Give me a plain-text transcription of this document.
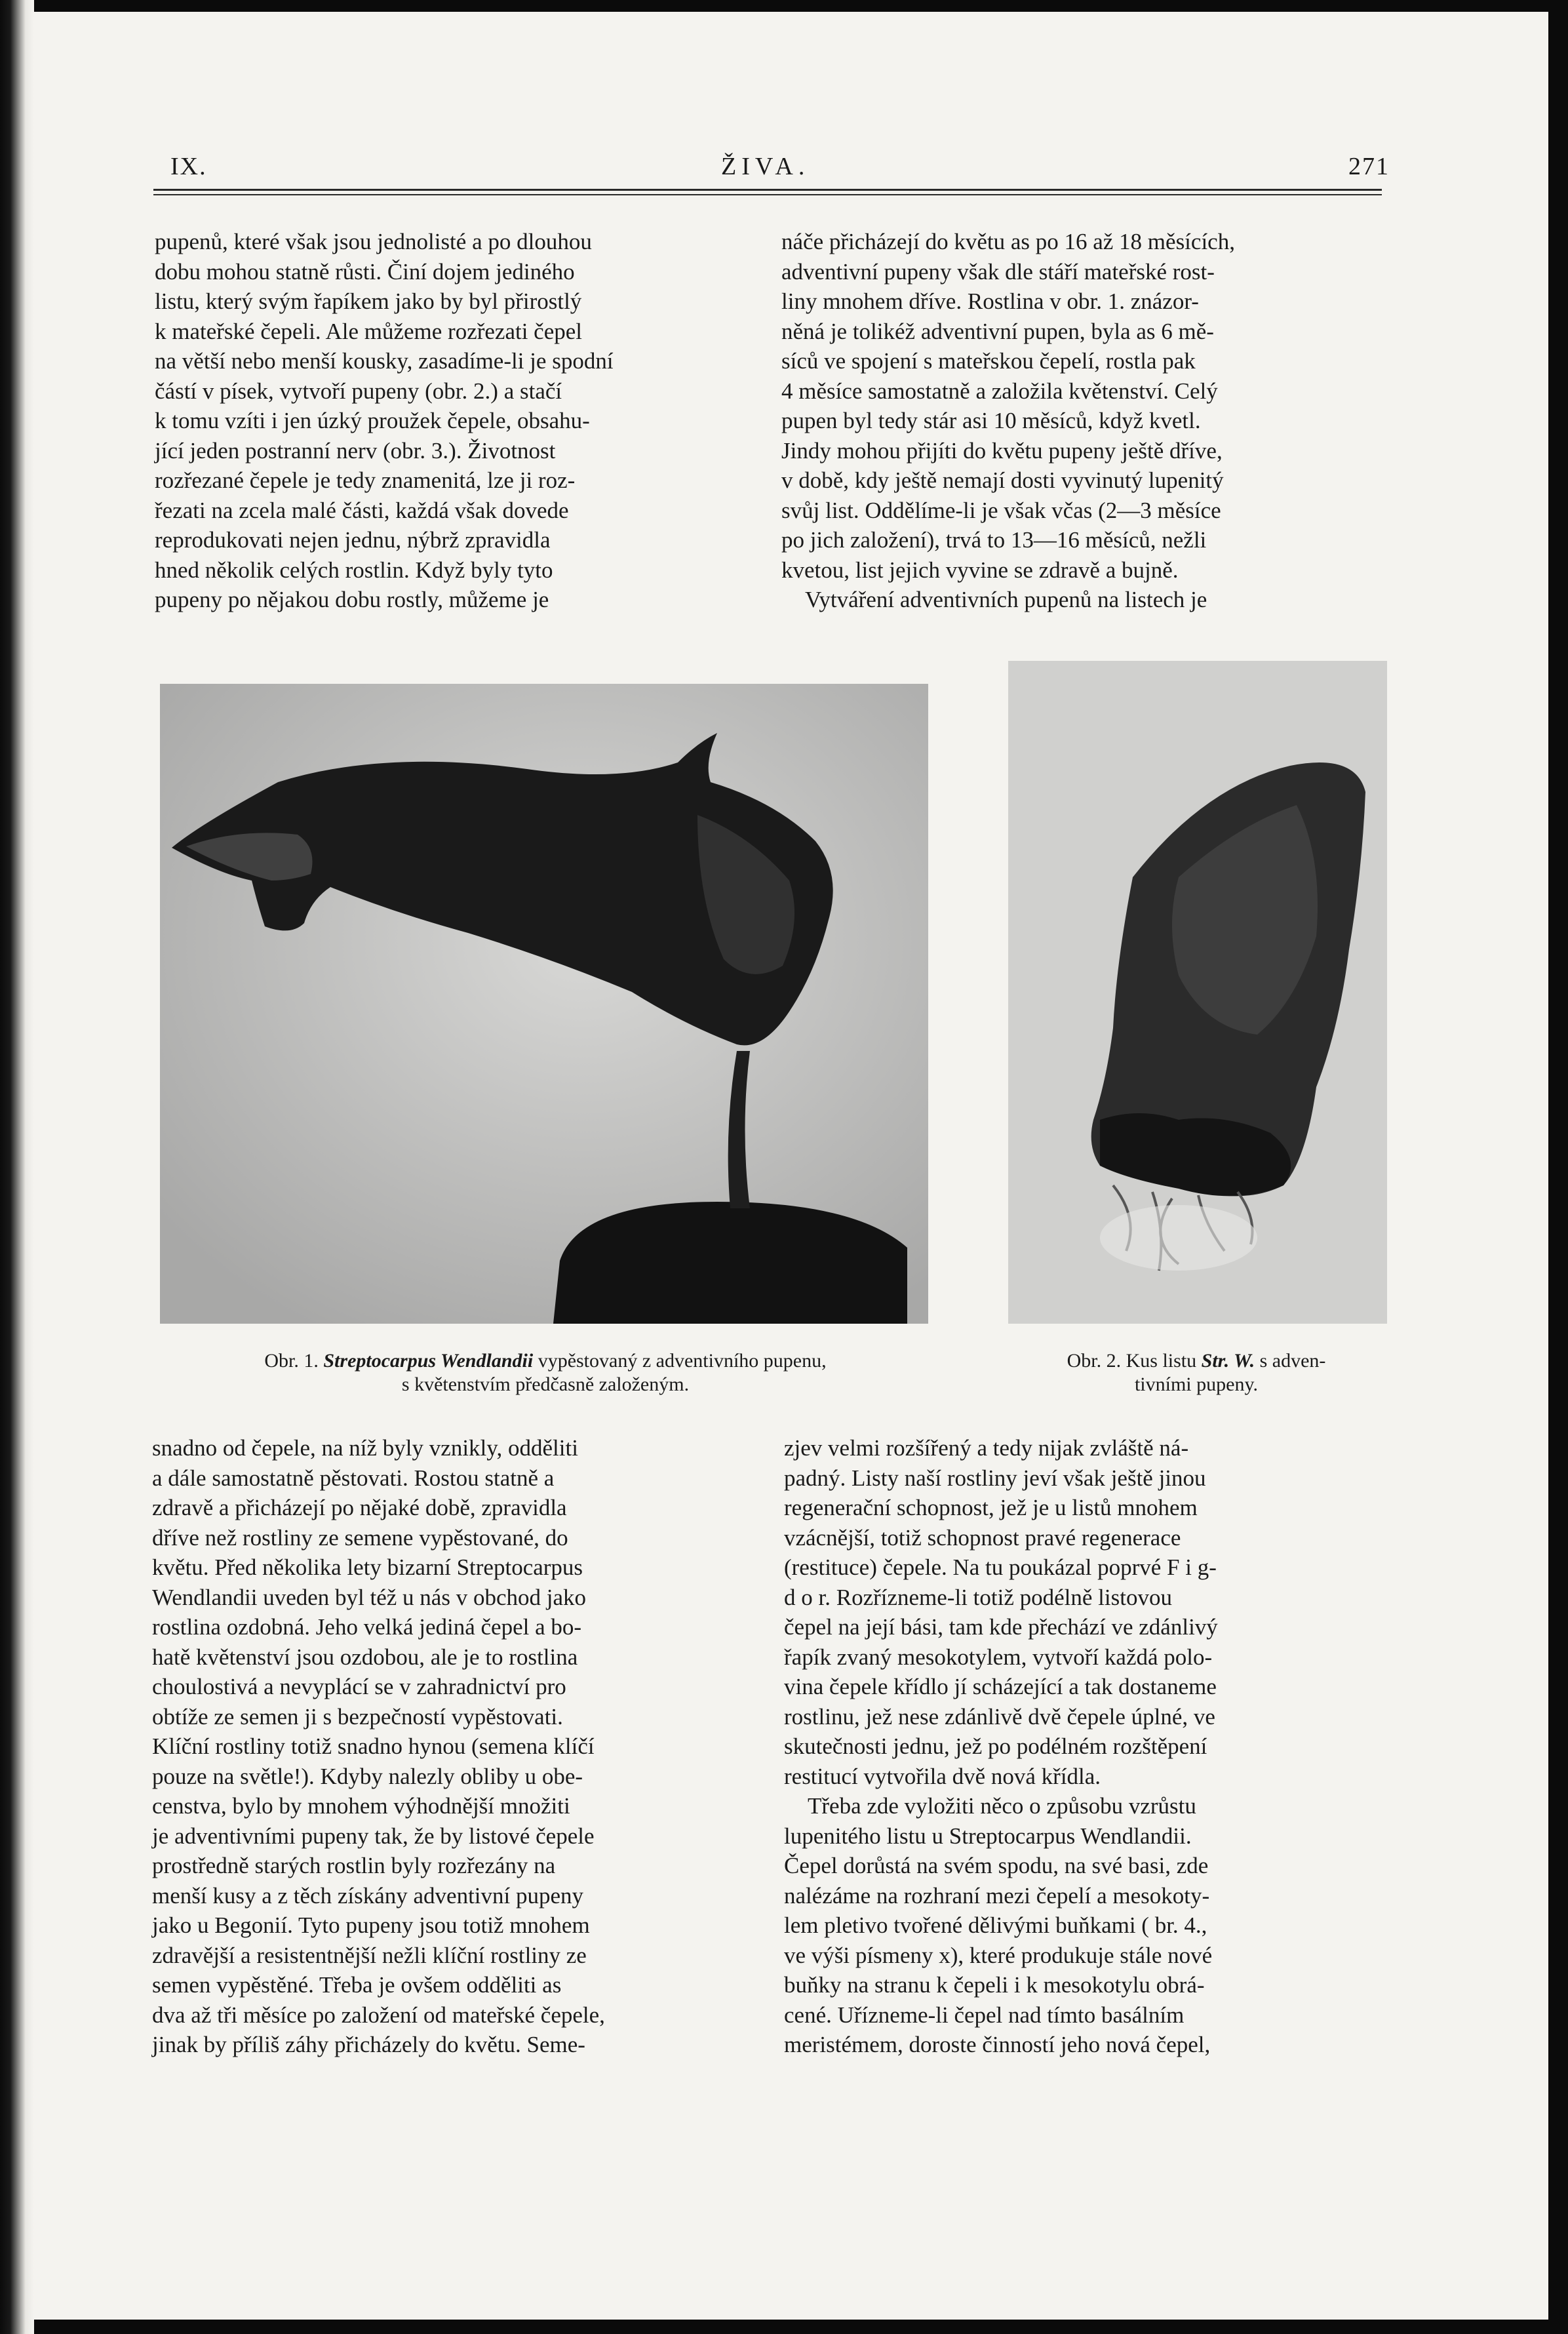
IX.	ŽIVA.	271

pupenů, které však jsou jednolisté a po dlouhou

dobu mohou statně růsti. Činí dojem jediného

listu, který svým řapíkem jako by byl přirostlý

k mateřské čepeli. Ale můžeme rozřezati čepel

na větší nebo menší kousky, zasadíme-li je spodní

částí v písek, vytvoří pupeny (obr. 2.) a stačí

k tomu vzíti i jen úzký proužek čepele, obsahu-

jící jeden postranní nerv (obr. 3.). Životnost

rozřezané čepele je tedy znamenitá, lze ji roz-

řezati na zcela malé části, každá však dovede

reprodukovati nejen jednu, nýbrž zpravidla

hned několik celých rostlin. Když byly tyto

pupeny po nějakou dobu rostly, můžeme je

náče přicházejí do květu as po 16 až 18 měsících,

adventivní pupeny však dle stáří mateřské rost-

liny mnohem dříve. Rostlina v obr. 1. znázor-

něná je tolikéž adventivní pupen, byla as 6 mě-

síců ve spojení s mateřskou čepelí, rostla pak

4 měsíce samostatně a založila květenství. Celý

pupen byl tedy stár asi 10 měsíců, když kvetl.

Jindy mohou přijíti do květu pupeny ještě dříve,

v době, kdy ještě nemají dosti vyvinutý lupenitý

svůj list. Oddělíme-li je však včas (2—3 měsíce

po jich založení), trvá to 13—16 měsíců, nežli

kvetou, list jejich vyvine se zdravě a bujně.

Vytváření adventivních pupenů na listech je

Obr. 1. Streptocarpus Wendlandii vypěstovaný z adventivního pupenu,
s květenstvím předčasně založeným.
Obr. 2. Kus listu Str. W. s adven-
tivními pupeny.

snadno od čepele, na níž byly vznikly, odděliti

a dále samostatně pěstovati. Rostou statně a

zdravě a přicházejí po nějaké době, zpravidla

dříve než rostliny ze semene vypěstované, do

květu. Před několika lety bizarní Streptocarpus

Wendlandii uveden byl též u nás v obchod jako

rostlina ozdobná. Jeho velká jediná čepel a bo-

hatě květenství jsou ozdobou, ale je to rostlina

choulostivá a nevyplácí se v zahradnictví pro

obtíže ze semen ji s bezpečností vypěstovati.

Klíční rostliny totiž snadno hynou (semena klíčí

pouze na světle!). Kdyby nalezly obliby u obe-

censtva, bylo by mnohem výhodnější množiti

je adventivními pupeny tak, že by listové čepele

prostředně starých rostlin byly rozřezány na

menší kusy a z těch získány adventivní pupeny

jako u Begonií. Tyto pupeny jsou totiž mnohem

zdravější a resistentnější nežli klíční rostliny ze

semen vypěstěné. Třeba je ovšem odděliti as

dva až tři měsíce po založení od mateřské čepele,

jinak by příliš záhy přicházely do květu. Seme-

zjev velmi rozšířený a tedy nijak zvláště ná-

padný. Listy naší rostliny jeví však ještě jinou

regenerační schopnost, jež je u listů mnohem

vzácnější, totiž schopnost pravé regenerace

(restituce) čepele. Na tu poukázal poprvé F i g-

d o r. Rozřízneme-li totiž podélně listovou

čepel na její bási, tam kde přechází ve zdánlivý

řapík zvaný mesokotylem, vytvoří každá polo-

vina čepele křídlo jí scházející a tak dostaneme

rostlinu, jež nese zdánlivě dvě čepele úplné, ve

skutečnosti jednu, jež po podélném rozštěpení

restitucí vytvořila dvě nová křídla.

Třeba zde vyložiti něco o způsobu vzrůstu

lupenitého listu u Streptocarpus Wendlandii.

Čepel dorůstá na svém spodu, na své basi, zde

nalézáme na rozhraní mezi čepelí a mesokoty-

lem pletivo tvořené dělivými buňkami ( br. 4.,

ve výši písmeny x), které produkuje stále nové

buňky na stranu k čepeli i k mesokotylu obrá-

cené. Uřízneme-li čepel nad tímto basálním

meristémem, doroste činností jeho nová čepel,
